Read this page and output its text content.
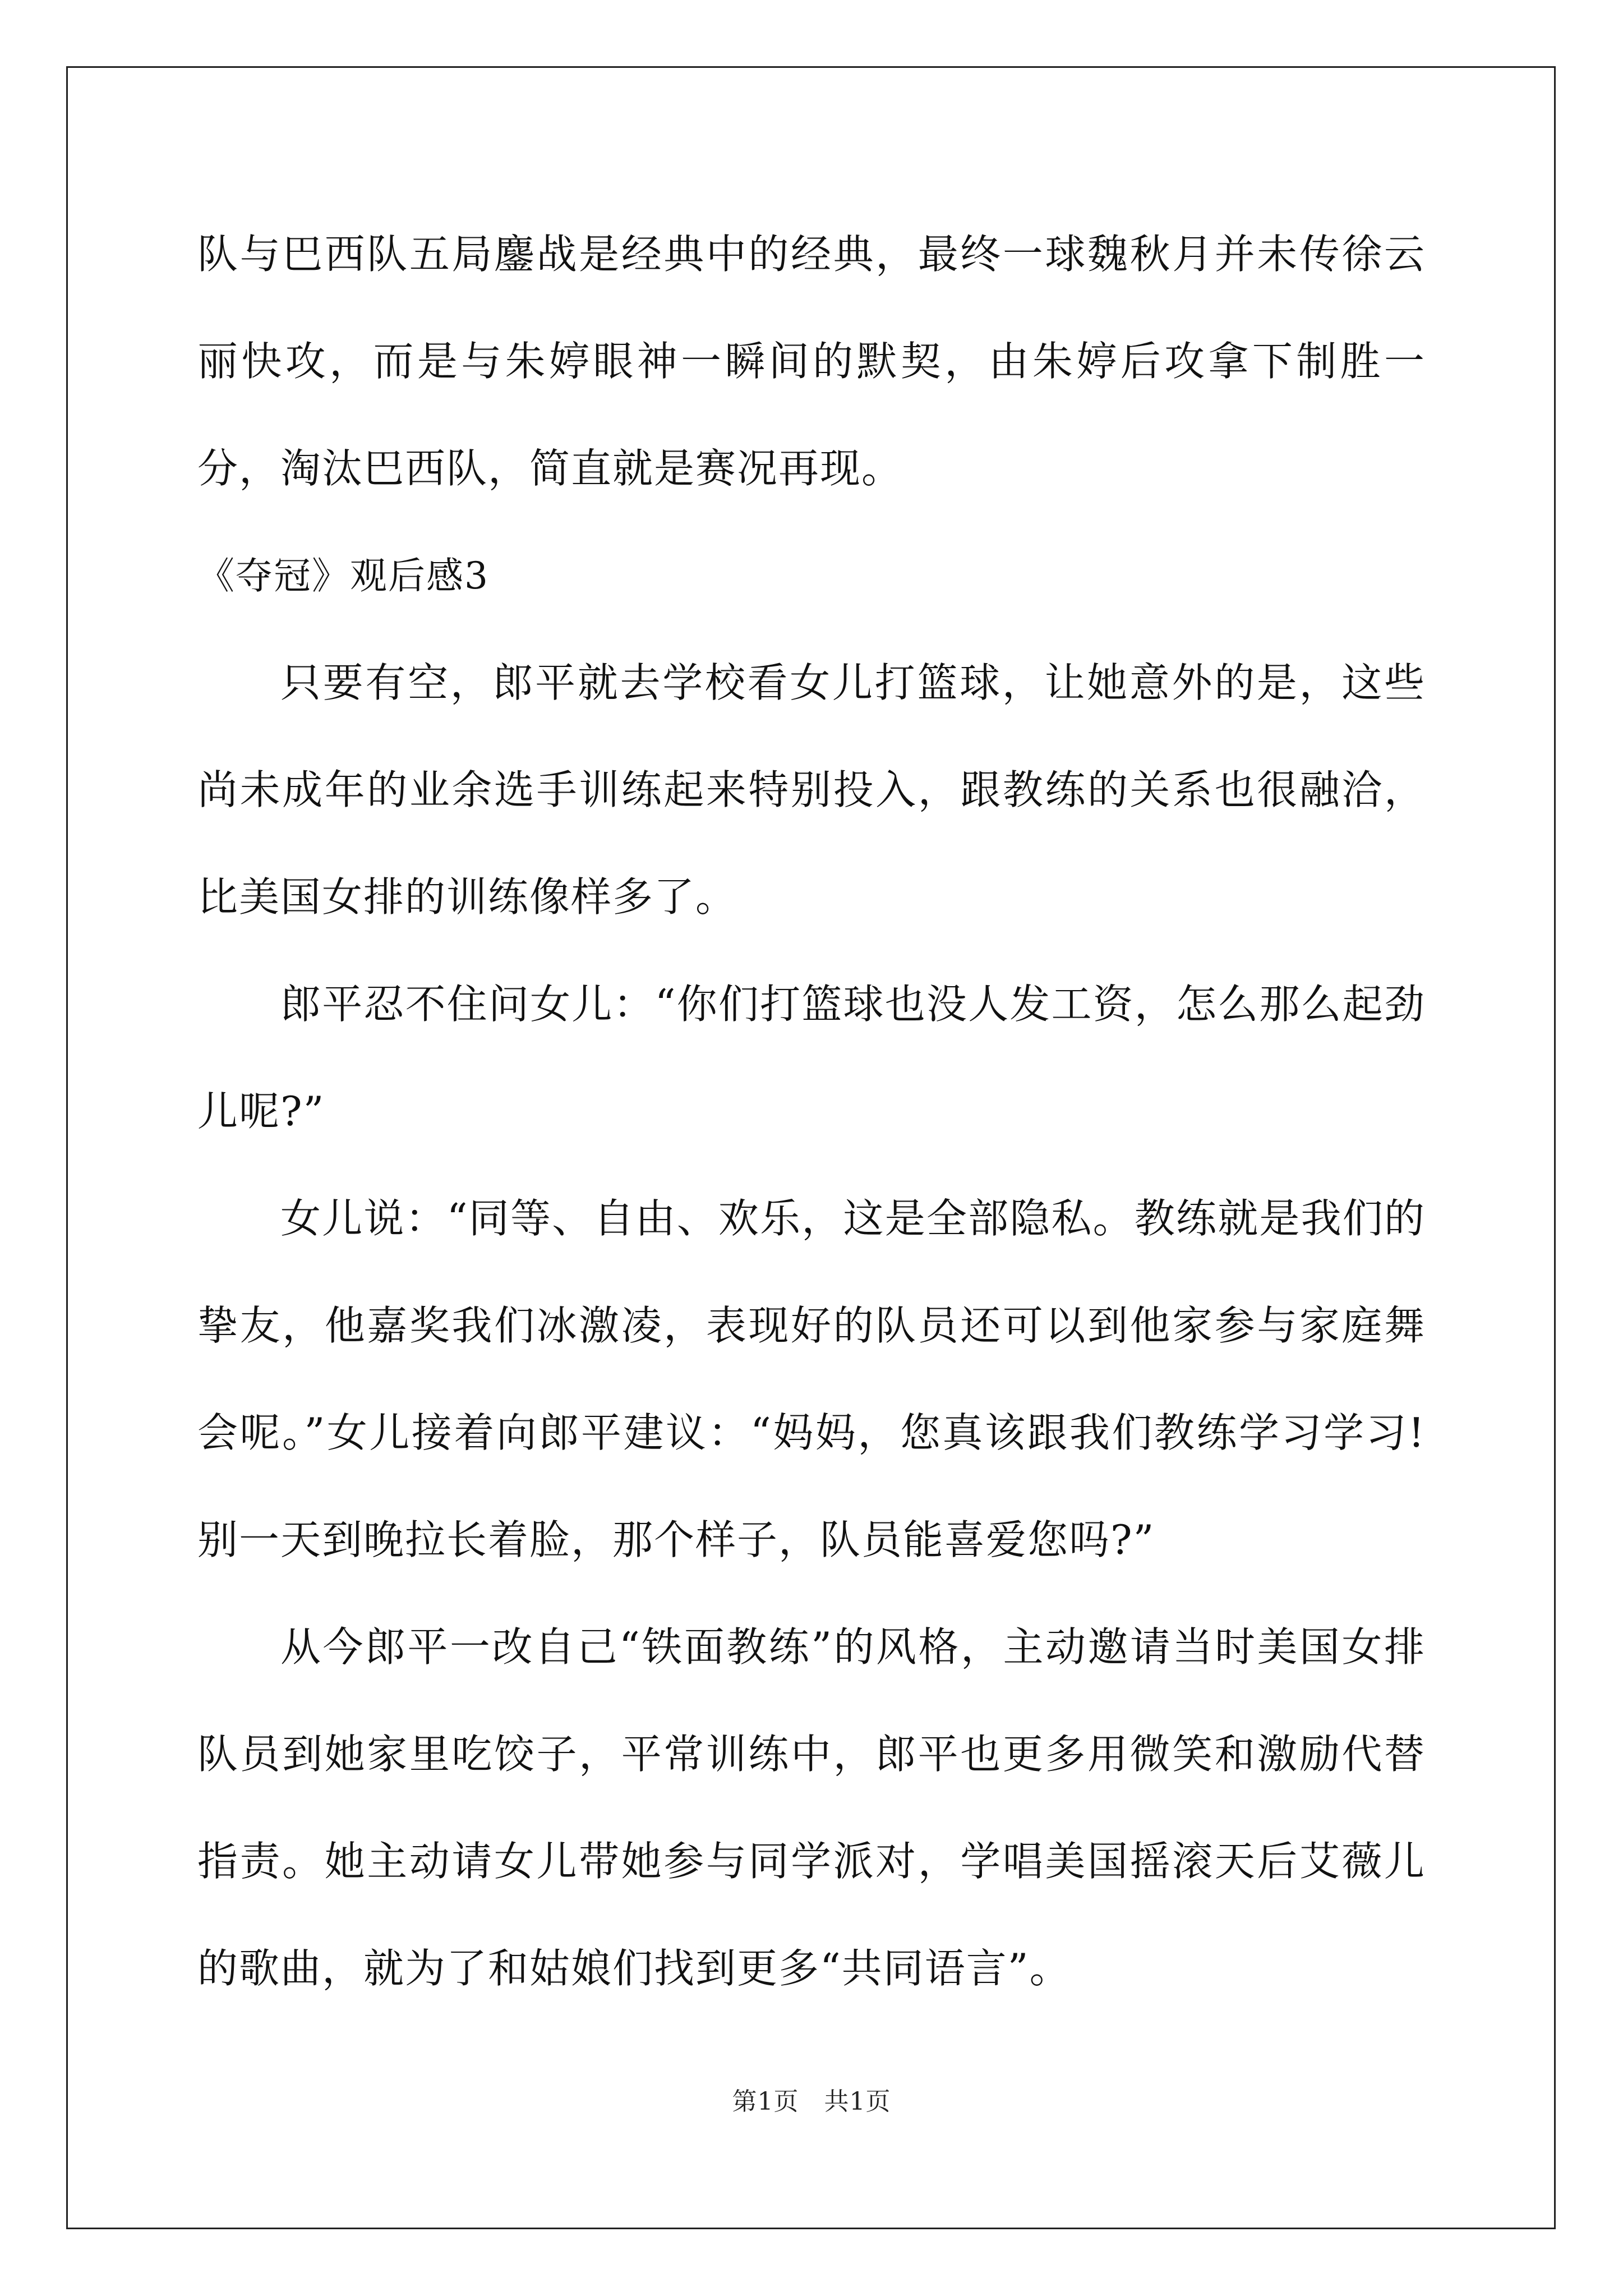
队与巴西队五局鏖战是经典中的经典，最终一球魏秋月并未传徐云丽快攻，而是与朱婷眼神一瞬间的默契，由朱婷后攻拿下制胜一分，淘汰巴西队，简直就是赛况再现。

《夺冠》观后感3

只要有空，郎平就去学校看女儿打篮球，让她意外的是，这些尚未成年的业余选手训练起来特别投入，跟教练的关系也很融洽，比美国女排的训练像样多了。

郎平忍不住问女儿：“你们打篮球也没人发工资，怎么那么起劲儿呢?”

女儿说：“同等、自由、欢乐，这是全部隐私。教练就是我们的挚友，他嘉奖我们冰激凌，表现好的队员还可以到他家参与家庭舞会呢。”女儿接着向郎平建议：“妈妈，您真该跟我们教练学习学习!别一天到晚拉长着脸，那个样子，队员能喜爱您吗?”

从今郎平一改自己“铁面教练”的风格，主动邀请当时美国女排队员到她家里吃饺子，平常训练中，郎平也更多用微笑和激励代替指责。她主动请女儿带她参与同学派对，学唱美国摇滚天后艾薇儿的歌曲，就为了和姑娘们找到更多“共同语言”。

第1页　共1页
